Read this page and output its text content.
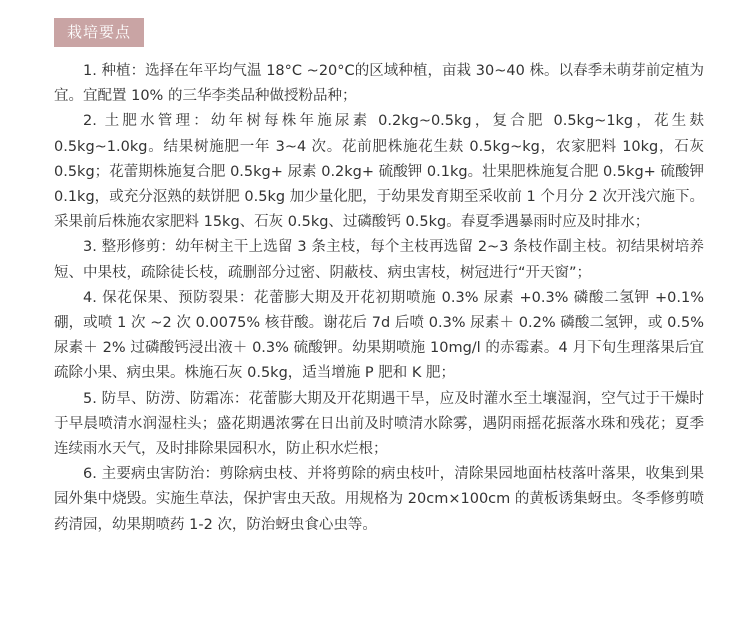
栽培要点

1. 种植：选择在年平均气温 18°C ~20°C的区域种植，亩栽 30~40 株。以春季未萌芽前定植为宜。宜配置 10% 的三华李类品种做授粉品种；

2. 土肥水管理：幼年树每株年施尿素 0.2kg~0.5kg，复合肥 0.5kg~1kg，花生麸 0.5kg~1.0kg。结果树施肥一年 3~4 次。花前肥株施花生麸 0.5kg~kg，农家肥料 10kg，石灰 0.5kg；花蕾期株施复合肥 0.5kg+ 尿素 0.2kg+ 硫酸钾 0.1kg。壮果肥株施复合肥 0.5kg+ 硫酸钾 0.1kg，或充分沤熟的麸饼肥 0.5kg 加少量化肥，于幼果发育期至采收前 1 个月分 2 次开浅穴施下。采果前后株施农家肥料 15kg、石灰 0.5kg、过磷酸钙 0.5kg。春夏季遇暴雨时应及时排水；

3. 整形修剪：幼年树主干上选留 3 条主枝，每个主枝再选留 2~3 条枝作副主枝。初结果树培养短、中果枝，疏除徒长枝，疏删部分过密、阴蔽枝、病虫害枝，树冠进行“开天窗”；

4. 保花保果、预防裂果：花蕾膨大期及开花初期喷施 0.3% 尿素 +0.3% 磷酸二氢钾 +0.1% 硼，或喷 1 次 ~2 次 0.0075% 核苷酸。谢花后 7d 后喷 0.3% 尿素＋ 0.2% 磷酸二氢钾，或 0.5% 尿素＋ 2% 过磷酸钙浸出液＋ 0.3% 硫酸钾。幼果期喷施 10mg/l 的赤霉素。4 月下旬生理落果后宜疏除小果、病虫果。株施石灰 0.5kg，适当增施 P 肥和 K 肥；

5. 防旱、防涝、防霜冻：花蕾膨大期及开花期遇干旱，应及时灌水至土壤湿润，空气过于干燥时于早晨喷清水润湿柱头；盛花期遇浓雾在日出前及时喷清水除雾，遇阴雨摇花振落水珠和残花；夏季连续雨水天气，及时排除果园积水，防止积水烂根；

6. 主要病虫害防治：剪除病虫枝、并将剪除的病虫枝叶，清除果园地面枯枝落叶落果，收集到果园外集中烧毁。实施生草法，保护害虫天敌。用规格为 20cm×100cm 的黄板诱集蚜虫。冬季修剪喷药清园，幼果期喷药 1-2 次，防治蚜虫食心虫等。
